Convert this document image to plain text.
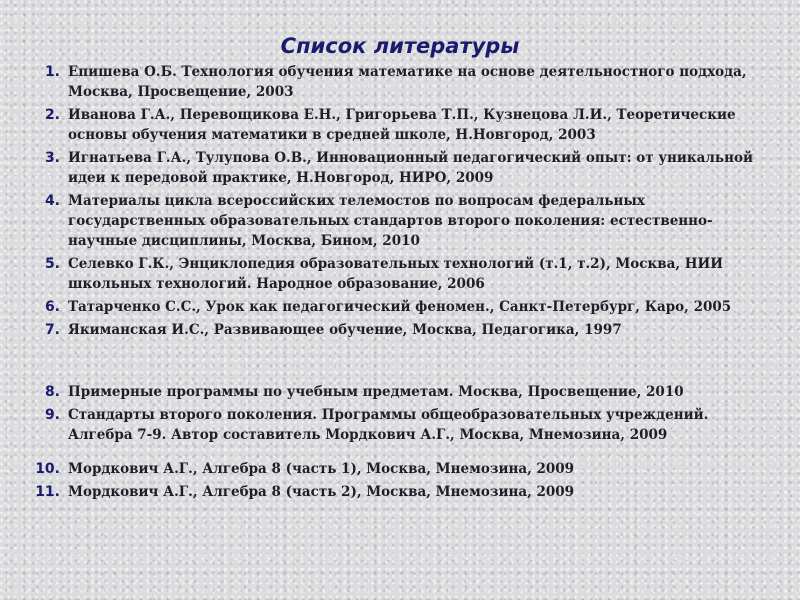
Список литературы
1. Епишева О.Б. Технология обучения математике на основе деятельностного подхода, Москва, Просвещение, 2003
2. Иванова Г.А., Перевощикова Е.Н., Григорьева Т.П., Кузнецова Л.И., Теоретические основы обучения математики в средней школе, Н.Новгород, 2003
3. Игнатьева Г.А., Тулупова О.В., Инновационный педагогический опыт: от уникальной идеи к передовой практике, Н.Новгород, НИРО, 2009
4. Материалы цикла всероссийских телемостов по вопросам федеральных государственных образовательных стандартов второго поколения: естественно-научные дисциплины, Москва, Бином, 2010
5. Селевко Г.К., Энциклопедия образовательных технологий (т.1, т.2), Москва, НИИ школьных технологий. Народное образование, 2006
6. Татарченко С.С., Урок как педагогический феномен., Санкт-Петербург, Каро, 2005
7. Якиманская И.С., Развивающее обучение, Москва, Педагогика, 1997
8. Примерные программы по учебным предметам. Москва, Просвещение, 2010
9. Стандарты второго поколения. Программы общеобразовательных учреждений. Алгебра 7-9. Автор составитель Мордкович А.Г., Москва, Мнемозина, 2009
10. Мордкович А.Г., Алгебра 8 (часть 1), Москва, Мнемозина, 2009
11. Мордкович А.Г., Алгебра 8 (часть 2), Москва, Мнемозина, 2009
